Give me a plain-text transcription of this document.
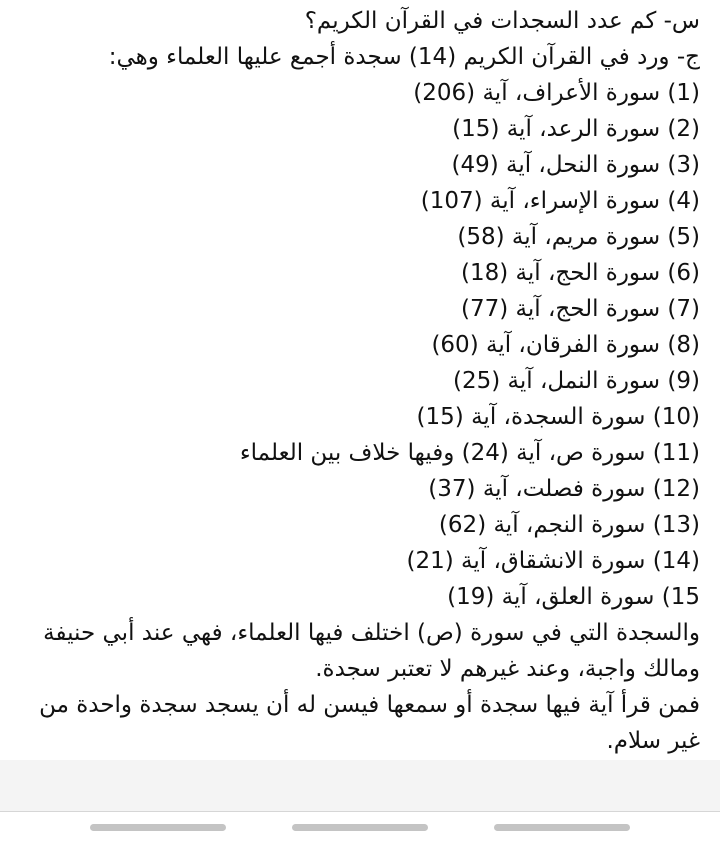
س- كم عدد السجدات في القرآن الكريم؟
ج- ورد في القرآن الكريم (14) سجدة أجمع عليها العلماء وهي:
(1) سورة الأعراف، آية (206)
(2) سورة الرعد، آية (15)
(3) سورة النحل، آية (49)
(4) سورة الإسراء، آية (107)
(5) سورة مريم، آية (58)
(6) سورة الحج، آية (18)
(7) سورة الحج، آية (77)
(8) سورة الفرقان، آية (60)
(9) سورة النمل، آية (25)
(10) سورة السجدة، آية (15)
(11) سورة ص، آية (24) وفيها خلاف بين العلماء
(12) سورة فصلت، آية (37)
(13) سورة النجم، آية (62)
(14) سورة الانشقاق، آية (21)
15) سورة العلق، آية (19)
والسجدة التي في سورة (ص) اختلف فيها العلماء، فهي عند أبي حنيفة ومالك واجبة، وعند غيرهم لا تعتبر سجدة.
فمن قرأ آية فيها سجدة أو سمعها فيسن له أن يسجد سجدة واحدة من غير سلام.
